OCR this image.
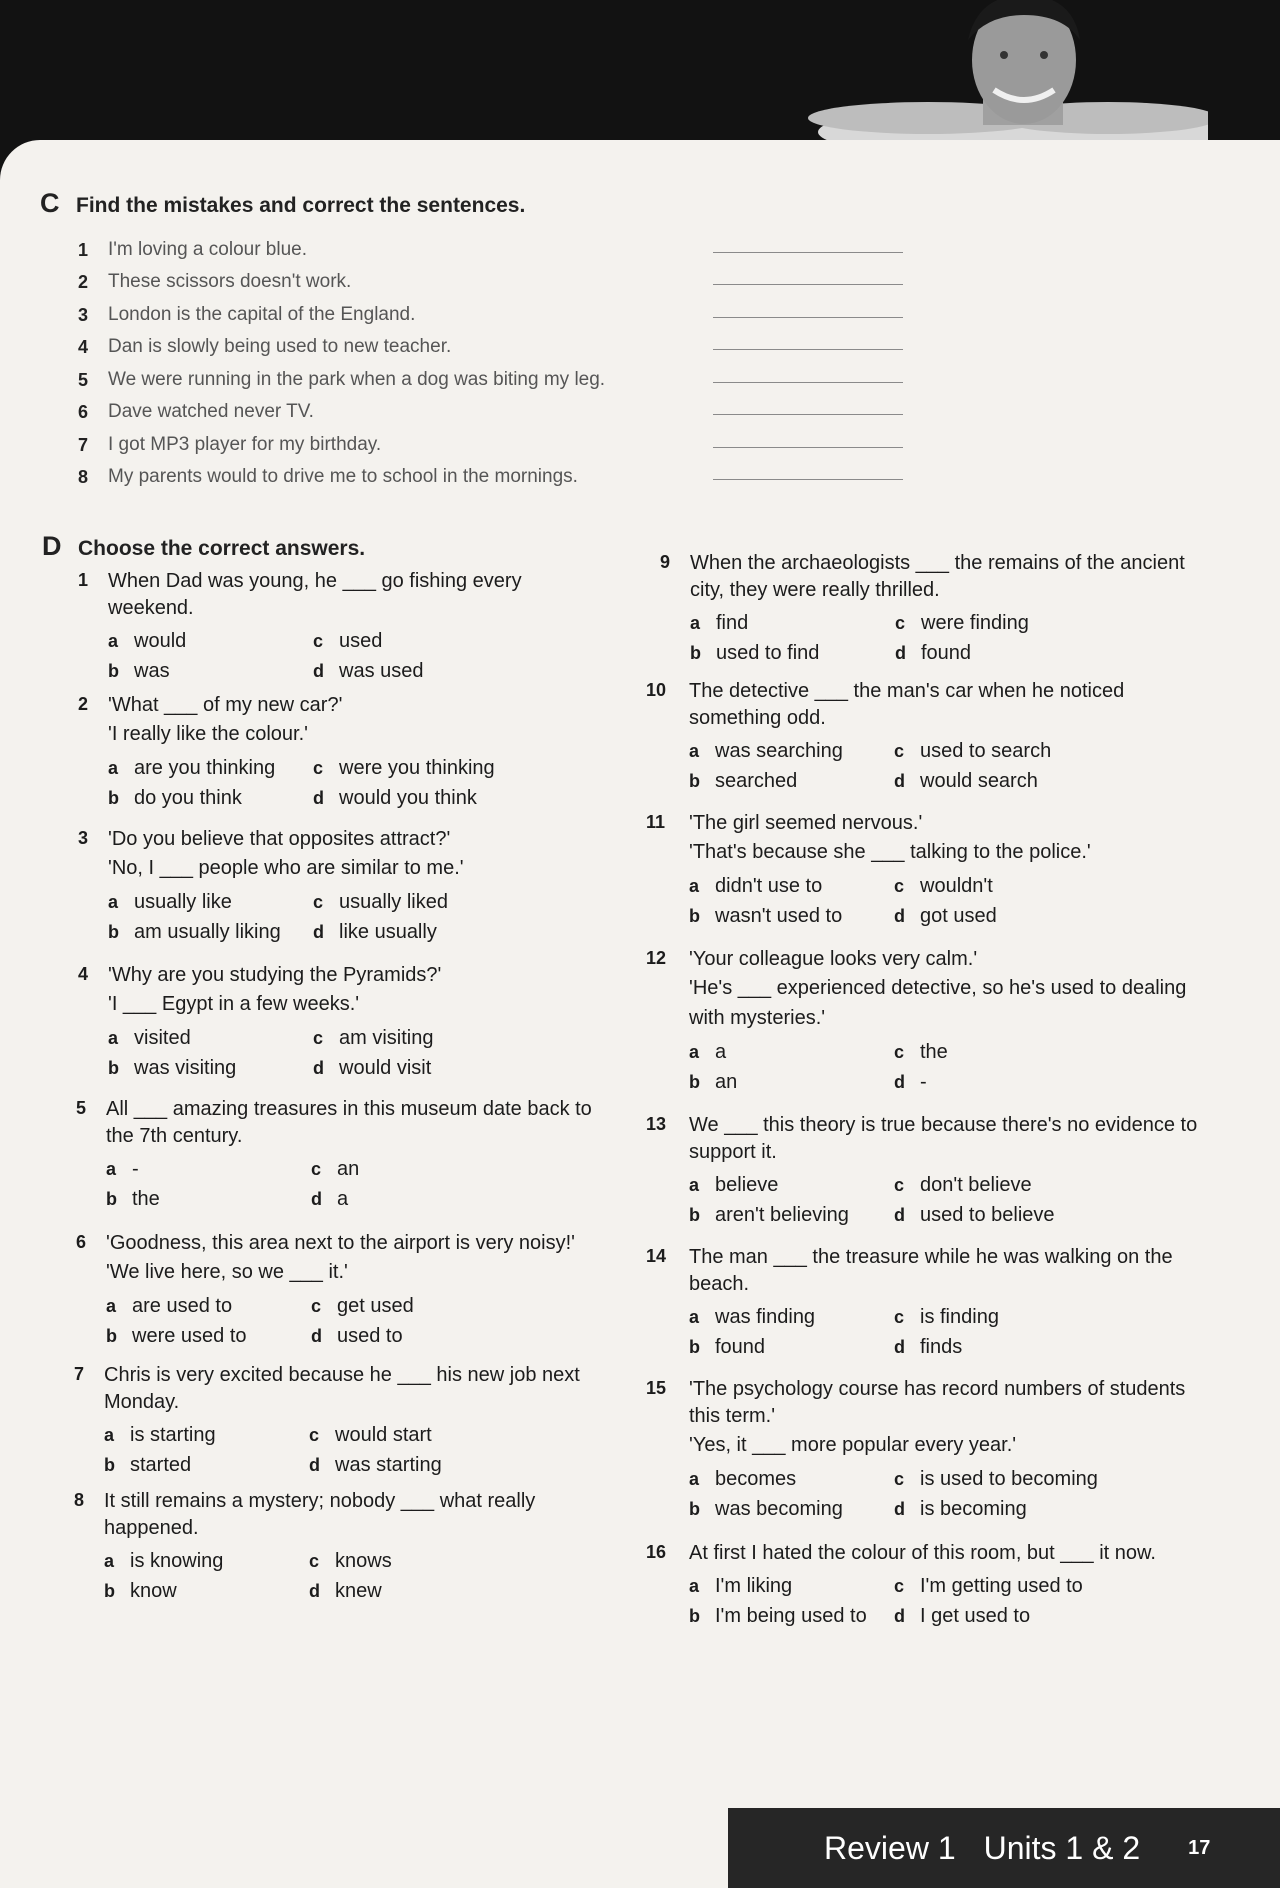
C Find the mistakes and correct the sentences.
1	I'm loving a colour blue.
2	These scissors doesn't work.
3	London is the capital of the England.
4	Dan is slowly being used to new teacher.
5	We were running in the park when a dog was biting my leg.
6	Dave watched never TV.
7	I got MP3 player for my birthday.
8	My parents would to drive me to school in the mornings.
D Choose the correct answers.
1 When Dad was young, he ___ go fishing every weekend.
a would	c used
b was	d was used
2 'What ___ of my new car?'
'I really like the colour.'
a are you thinking c were you thinking
b do you think	d would you think
3 'Do you believe that opposites attract?'
'No, I ___ people who are similar to me.'
a usually like	c usually liked
b am usually liking d like usually
4 'Why are you studying the Pyramids?'
'I ___ Egypt in a few weeks.'
a visited	c am visiting
b was visiting	d would visit
5 All ___ amazing treasures in this museum date back to the 7th century.
a -	c an
b the	d a
6 'Goodness, this area next to the airport is very noisy!'
'We live here, so we ___ it.'
a are used to	c get used
b were used to	d used to
7 Chris is very excited because he ___ his new job next Monday.
a is starting	c would start
b started	d was starting
8 It still remains a mystery; nobody ___ what really happened.
a is knowing	c knows
b know	d knew
9 When the archaeologists ___ the remains of the ancient city, they were really thrilled.
a find	c were finding
b used to find	d found
10	The detective ___ the man's car when he noticed something odd.
a was searching	c used to search
b searched	d would search
11	'The girl seemed nervous.'
'That's because she ___ talking to the police.'
a didn't use to	c wouldn't
b wasn't used to	d got used
12	'Your colleague looks very calm.'
'He's ___ experienced detective, so he's used to dealing with mysteries.'
a a	c the
b an	d -
13	We ___ this theory is true because there's no evidence to support it.
a believe	c don't believe
b aren't believing	d used to believe
14	The man ___ the treasure while he was walking on the beach.
a was finding	c is finding
b found	d finds
15	'The psychology course has record numbers of students this term.'
'Yes, it ___ more popular every year.'
a becomes	c is used to becoming
b was becoming	d is becoming
16	At first I hated the colour of this room, but ___ it now.
a I'm liking	c I'm getting used to
b I'm being used to d I get used to
Review 1 Units 1 & 2 17
